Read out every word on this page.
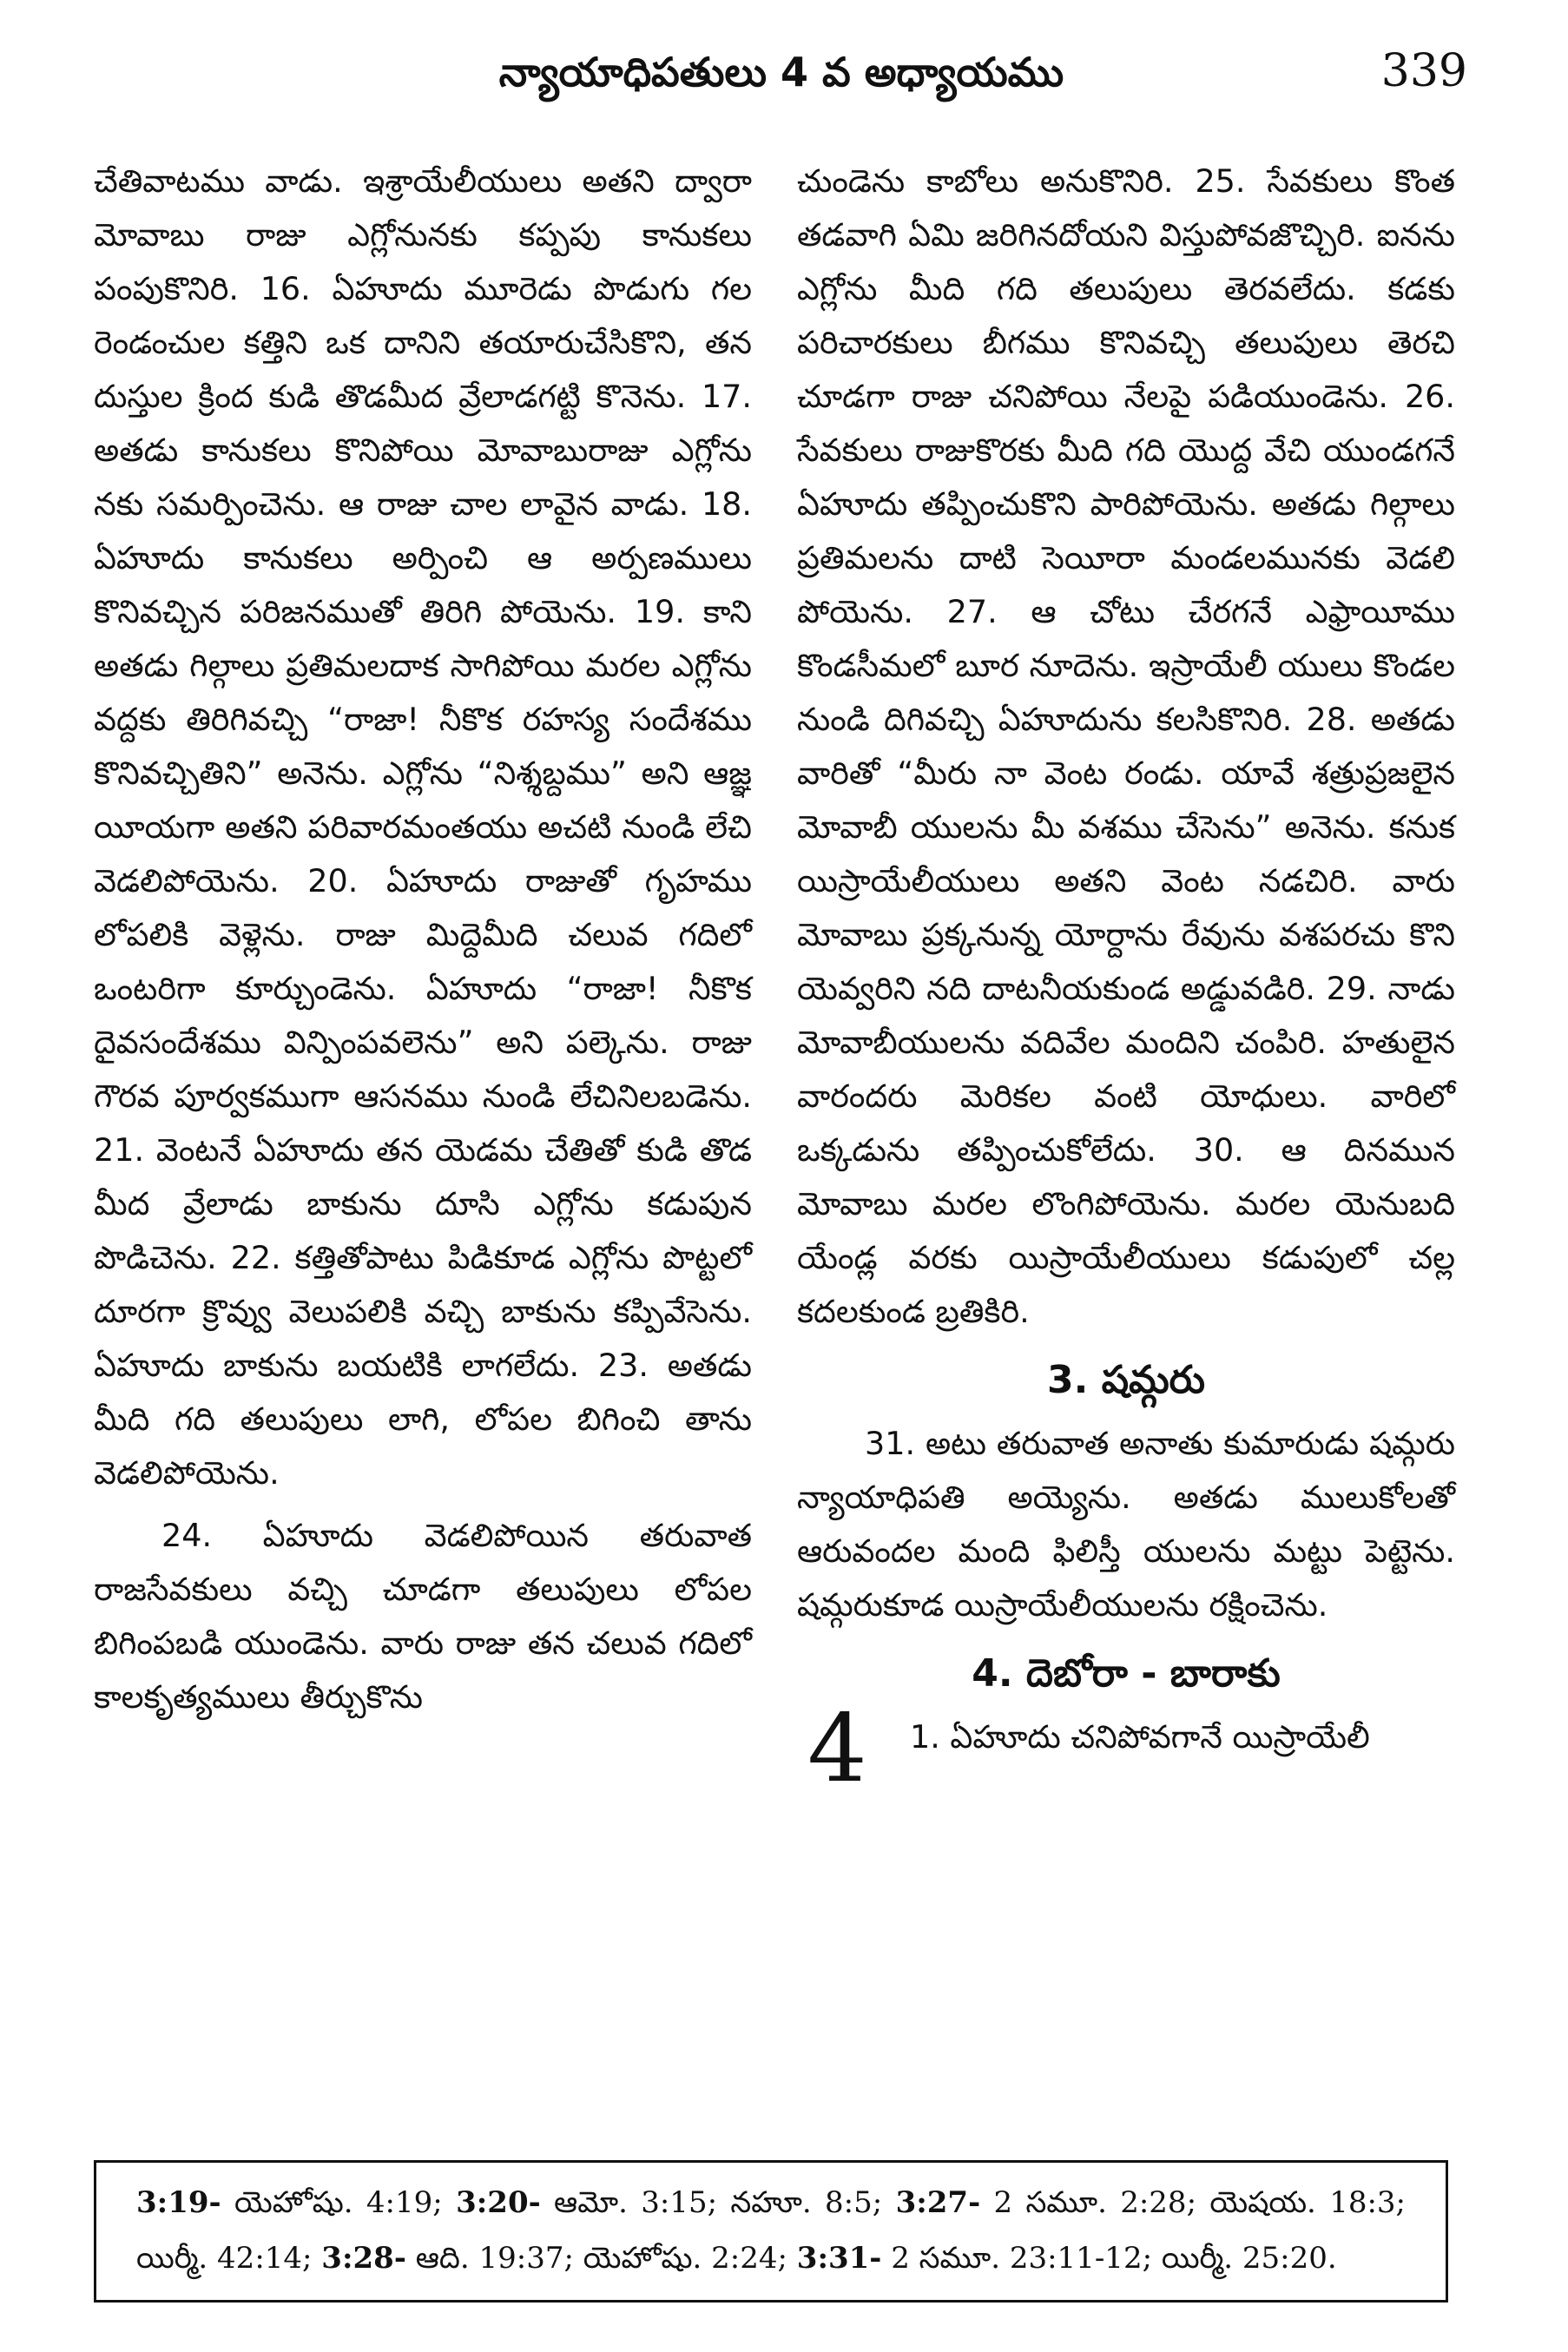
న్యాయాధిపతులు 4 వ అధ్యాయము	339

చేతివాటము వాడు. ఇశ్రాయేలీయులు అతని ద్వారా మోవాబు రాజు ఎగ్లోనునకు కప్పపు కానుకలు పంపుకొనిరి. 16. ఏహూదు మూరెడు పొడుగు గల రెండంచుల కత్తిని ఒక దానిని తయారుచేసికొని, తన దుస్తుల క్రింద కుడి తొడమీద వ్రేలాడగట్టి కొనెను. 17. అతడు కానుకలు కొనిపోయి మోవాబురాజు ఎగ్లోను నకు సమర్పించెను. ఆ రాజు చాల లావైన వాడు. 18. ఏహూదు కానుకలు అర్పించి ఆ అర్పణములు కొనివచ్చిన పరిజనముతో తిరిగి పోయెను. 19. కాని అతడు గిల్గాలు ప్రతిమలదాక సాగిపోయి మరల ఎగ్లోను వద్దకు తిరిగివచ్చి “రాజా! నీకొక రహస్య సందేశము కొనివచ్చితిని” అనెను. ఎగ్లోను “నిశ్శబ్దము” అని ఆజ్ఞ యీయగా అతని పరివారమంతయు అచటి నుండి లేచి వెడలిపోయెను. 20. ఏహూదు రాజుతో గృహము లోపలికి వెళ్లెను. రాజు మిద్దెమీది చలువ గదిలో ఒంటరిగా కూర్చుండెను. ఏహూదు “రాజా! నీకొక దైవసందేశము విన్పింపవలెను” అని పల్కెను. రాజు గౌరవ పూర్వకముగా ఆసనము నుండి లేచినిలబడెను. 21. వెంటనే ఏహూదు తన యెడమ చేతితో కుడి తొడ మీద వ్రేలాడు బాకును దూసి ఎగ్లోను కడుపున పొడిచెను. 22. కత్తితోపాటు పిడికూడ ఎగ్లోను పొట్టలో దూరగా క్రొవ్వు వెలుపలికి వచ్చి బాకును కప్పివేసెను. ఏహూదు బాకును బయటికి లాగలేదు. 23. అతడు మీది గది తలుపులు లాగి, లోపల బిగించి తాను వెడలిపోయెను.

24. ఏహూదు వెడలిపోయిన తరువాత రాజసేవకులు వచ్చి చూడగా తలుపులు లోపల బిగింపబడి యుండెను. వారు రాజు తన చలువ గదిలో కాలకృత్యములు తీర్చుకొను

చుండెను కాబోలు అనుకొనిరి. 25. సేవకులు కొంత తడవాగి ఏమి జరిగినదోయని విస్తుపోవజొచ్చిరి. ఐనను ఎగ్లోను మీది గది తలుపులు తెరవలేదు. కడకు పరిచారకులు బీగము కొనివచ్చి తలుపులు తెరచి చూడగా రాజు చనిపోయి నేలపై పడియుండెను. 26. సేవకులు రాజుకొరకు మీది గది యొద్ద వేచి యుండగనే ఏహూదు తప్పించుకొని పారిపోయెను. అతడు గిల్గాలు ప్రతిమలను దాటి సెయీరా మండలమునకు వెడలి పోయెను. 27. ఆ చోటు చేరగనే ఎఫ్రాయీము కొండసీమలో బూర నూదెను. ఇస్రాయేలీ యులు కొండల నుండి దిగివచ్చి ఏహూదును కలసికొనిరి. 28. అతడు వారితో “మీరు నా వెంట రండు. యావే శత్రుప్రజలైన మోవాబీ యులను మీ వశము చేసెను” అనెను. కనుక యిస్రాయేలీయులు అతని వెంట నడచిరి. వారు మోవాబు ప్రక్కనున్న యోర్దాను రేవును వశపరచు కొని యెవ్వరిని నది దాటనీయకుండ అడ్డువడిరి. 29. నాడు మోవాబీయులను వదివేల మందిని చంపిరి. హతులైన వారందరు మెరికల వంటి యోధులు. వారిలో ఒక్కడును తప్పించుకోలేదు. 30. ఆ దినమున మోవాబు మరల లొంగిపోయెను. మరల యెనుబది యేండ్ల వరకు యిస్రాయేలీయులు కడుపులో చల్ల కదలకుండ బ్రతికిరి.

3. షమ్గరు

31. అటు తరువాత అనాతు కుమారుడు షమ్గరు న్యాయాధిపతి అయ్యెను. అతడు ములుకోలతో ఆరువందల మంది ఫిలిస్తీ యులను మట్టు పెట్టెను. షమ్గరుకూడ యిస్రాయేలీయులను రక్షించెను.

4. దెబోరా - బారాకు
4 1. ఏహూదు చనిపోవగానే యిస్రాయేలీ

3:19- యెహోషు. 4:19; 3:20- ఆమో. 3:15; నహూ. 8:5; 3:27- 2 సమూ. 2:28; యెషయ. 18:3; యిర్మీ. 42:14; 3:28- ఆది. 19:37; యెహోషు. 2:24; 3:31- 2 సమూ. 23:11-12; యిర్మీ. 25:20.
